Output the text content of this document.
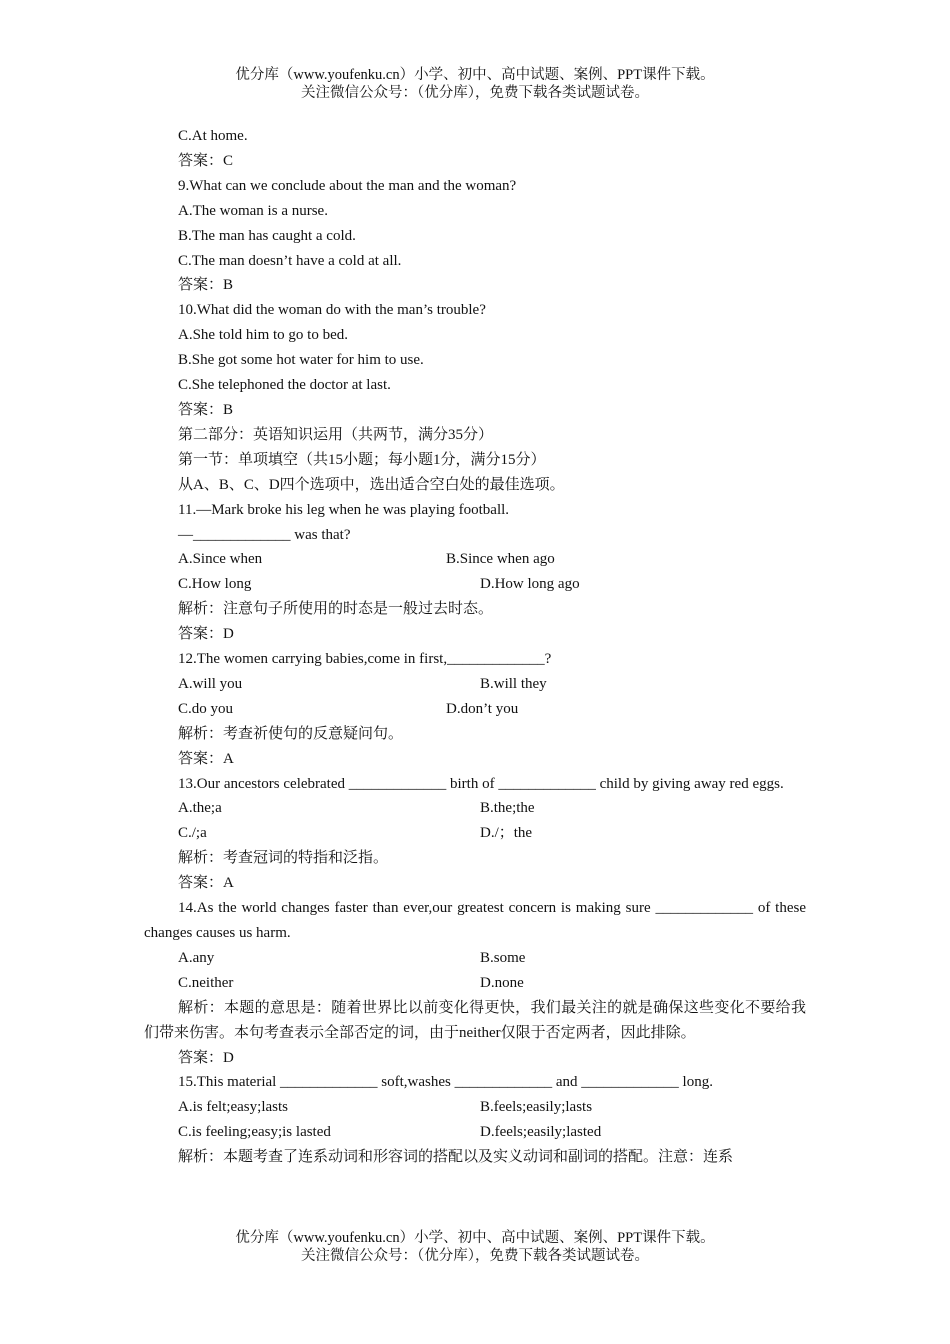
优分库（www.youfenku.cn）小学、初中、高中试题、案例、PPT课件下载。
关注微信公众号：（优分库），免费下载各类试题试卷。
C.At home.
答案：C
9.What can we conclude about the man and the woman?
A.The woman is a nurse.
B.The man has caught a cold.
C.The man doesn’t have a cold at all.
答案：B
10.What did the woman do with the man’s trouble?
A.She told him to go to bed.
B.She got some hot water for him to use.
C.She telephoned the doctor at last.
答案：B
第二部分：英语知识运用（共两节，满分35分）
第一节：单项填空（共15小题；每小题1分，满分15分）
从A、B、C、D四个选项中，选出适合空白处的最佳选项。
11.—Mark broke his leg when he was playing football.
—_____________ was that?
A.Since when	B.Since when ago
C.How long	D.How long ago
解析：注意句子所使用的时态是一般过去时态。
答案：D
12.The women carrying babies,come in first,_____________?
A.will you	B.will they
C.do you	D.don’t you
解析：考查祈使句的反意疑问句。
答案：A
13.Our ancestors celebrated _____________ birth of _____________ child by giving away red eggs.
A.the;a	B.the;the
C./;a	D./；the
解析：考查冠词的特指和泛指。
答案：A
14.As the world changes faster than ever,our greatest concern is making sure _____________ of these changes causes us harm.
A.any	B.some
C.neither	D.none
解析：本题的意思是：随着世界比以前变化得更快，我们最关注的就是确保这些变化不要给我们带来伤害。本句考查表示全部否定的词，由于neither仅限于否定两者，因此排除。
答案：D
15.This material _____________ soft,washes _____________ and _____________ long.
A.is felt;easy;lasts	B.feels;easily;lasts
C.is feeling;easy;is lasted	D.feels;easily;lasted
解析：本题考查了连系动词和形容词的搭配以及实义动词和副词的搭配。注意：连系
优分库（www.youfenku.cn）小学、初中、高中试题、案例、PPT课件下载。
关注微信公众号：（优分库），免费下载各类试题试卷。
